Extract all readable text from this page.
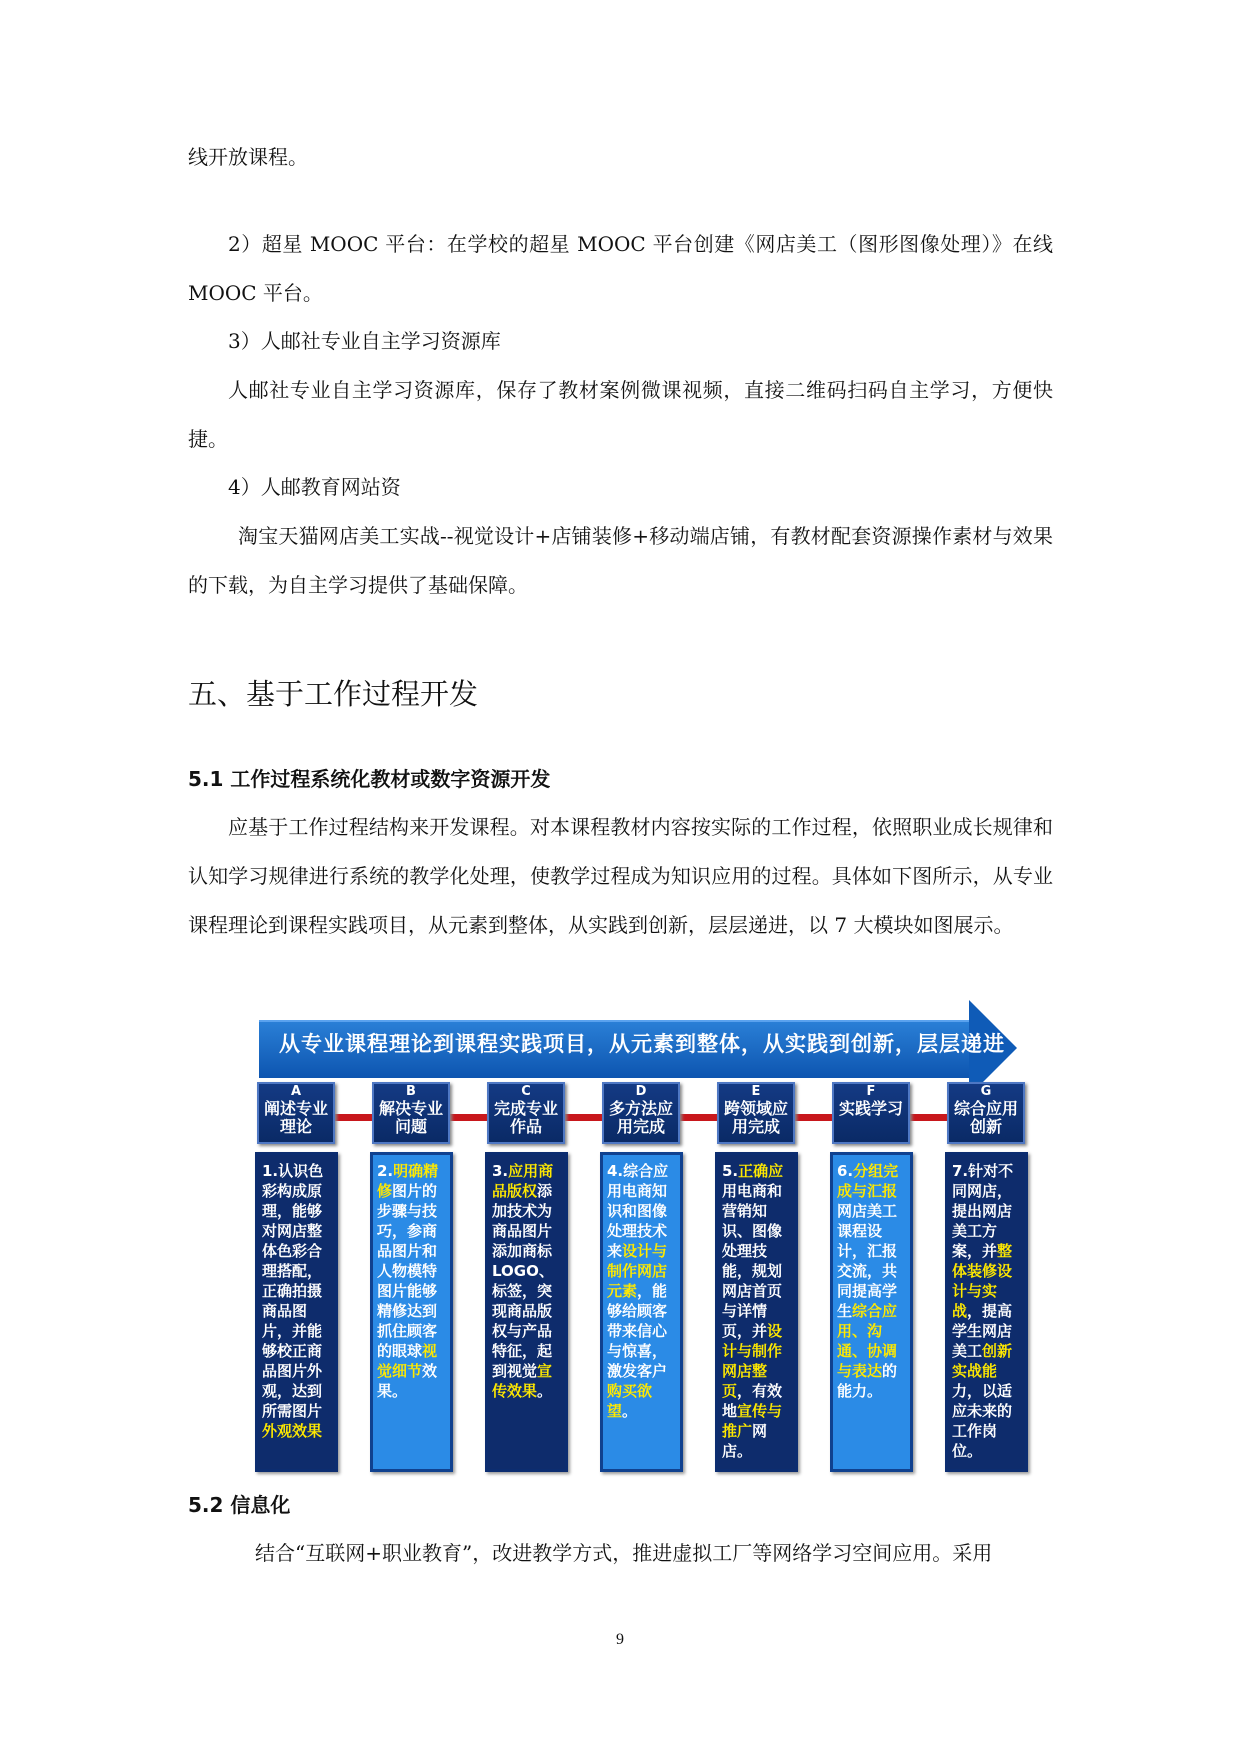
线开放课程。

2）超星 MOOC 平台：在学校的超星 MOOC 平台创建《网店美工（图形图像处理）》在线 MOOC 平台。

3）人邮社专业自主学习资源库

人邮社专业自主学习资源库，保存了教材案例微课视频，直接二维码扫码自主学习，方便快捷。

4）人邮教育网站资

淘宝天猫网店美工实战--视觉设计+店铺装修+移动端店铺，有教材配套资源操作素材与效果的下载，为自主学习提供了基础保障。

五、基于工作过程开发
5.1 工作过程系统化教材或数字资源开发

应基于工作过程结构来开发课程。对本课程教材内容按实际的工作过程，依照职业成长规律和认知学习规律进行系统的教学化处理，使教学过程成为知识应用的过程。具体如下图所示，从专业课程理论到课程实践项目，从元素到整体，从实践到创新，层层递进，以 7 大模块如图展示。

从专业课程理论到课程实践项目，从元素到整体，从实践到创新，层层递进
A
阐述专业理论
1.认识色彩构成原理，能够对网店整体色彩合理搭配，正确拍摄商品图片，并能够校正商品图片外观，达到所需图片外观效果
B
解决专业问题
2.明确精修图片的步骤与技巧，参商品图片和人物模特图片能够精修达到抓住顾客的眼球视觉细节效果。
C
完成专业作品
3.应用商品版权添加技术为商品图片添加商标LOGO、标签，突现商品版权与产品特征，起到视觉宣传效果。
D
多方法应用完成
4.综合应用电商知识和图像处理技术来设计与制作网店元素，能够给顾客带来信心与惊喜，激发客户购买欲望。
E
跨领域应用完成
5.正确应用电商和营销知识、图像处理技能，规划网店首页与详情页，并设计与制作网店整页，有效地宣传与推广网店。
F
实践学习
6.分组完成与汇报网店美工课程设计，汇报交流，共同提高学生综合应用、沟通、协调与表达的能力。
G
综合应用创新
7.针对不同网店，提出网店美工方案，并整体装修设计与实战，提高学生网店美工创新实战能力，以适应未来的工作岗位。
5.2 信息化

结合“互联网+职业教育”，改进教学方式，推进虚拟工厂等网络学习空间应用。采用

9
